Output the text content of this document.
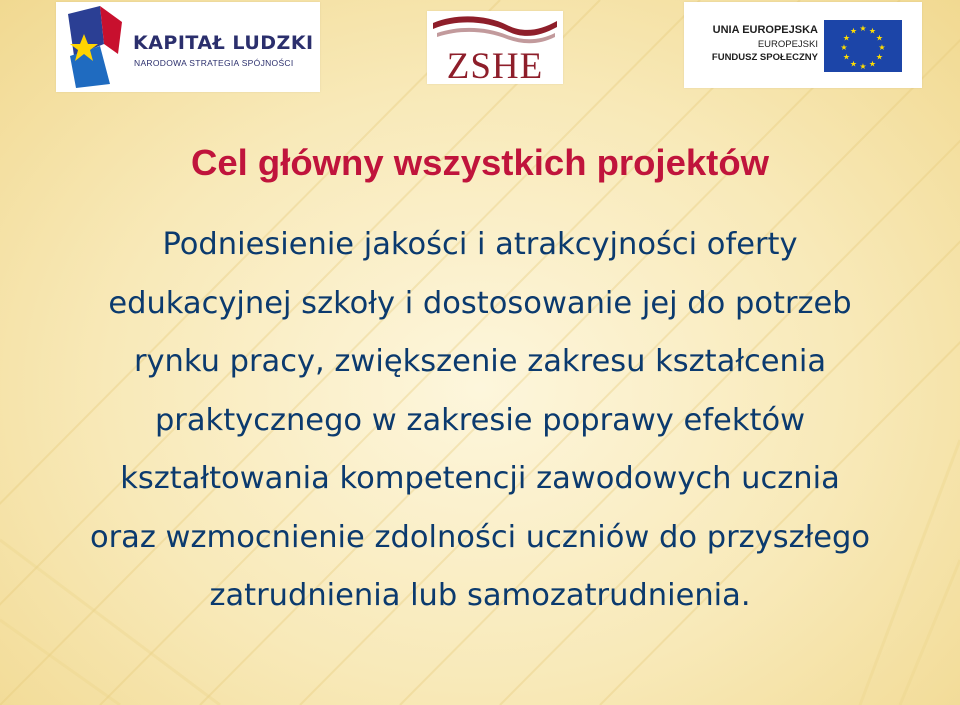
KAPITAŁ LUDZKI
NARODOWA STRATEGIA SPÓJNOŚCI	ZSHE
UNIA EUROPEJSKA
EUROPEJSKI
FUNDUSZ SPOŁECZNY
★ ★
★
★
★
★
★
★
★
★
★
★
Cel główny wszystkich projektów

Podniesienie jakości i atrakcyjności oferty
edukacyjnej szkoły i dostosowanie jej do potrzeb
rynku pracy, zwiększenie zakresu kształcenia
praktycznego w zakresie poprawy efektów
kształtowania kompetencji zawodowych ucznia
oraz wzmocnienie zdolności uczniów do przyszłego
zatrudnienia lub samozatrudnienia.
